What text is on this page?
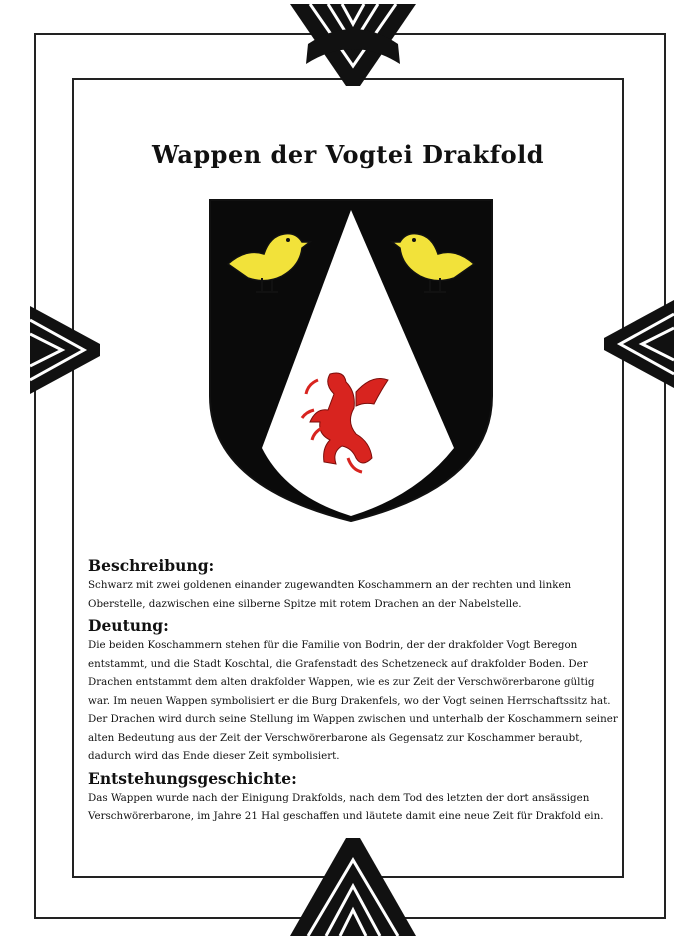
Wappen der Vogtei Drakfold

Beschreibung:

Schwarz mit zwei goldenen einander zugewandten Koschammern an der rechten und linken Oberstelle, dazwischen eine silberne Spitze mit rotem Drachen an der Nabelstelle.

Deutung:

Die beiden Koschammern stehen für die Familie von Bodrin, der der drakfolder Vogt Beregon entstammt, und die Stadt Koschtal, die Grafenstadt des Schetzeneck auf drakfolder Boden. Der Drachen entstammt dem alten drakfolder Wappen, wie es zur Zeit der Verschwörerbarone gültig war. Im neuen Wappen symbolisiert er die Burg Drakenfels, wo der Vogt seinen Herrschaftssitz hat. Der Drachen wird durch seine Stellung im Wappen zwischen und unterhalb der Koschammern seiner alten Bedeutung aus der Zeit der Verschwörerbarone als Gegensatz zur Koschammer beraubt, dadurch wird das Ende dieser Zeit symbolisiert.

Entstehungsgeschichte:

Das Wappen wurde nach der Einigung Drakfolds, nach dem Tod des letzten der dort ansässigen Verschwörerbarone, im Jahre 21 Hal geschaffen und läutete damit eine neue Zeit für Drakfold ein.
